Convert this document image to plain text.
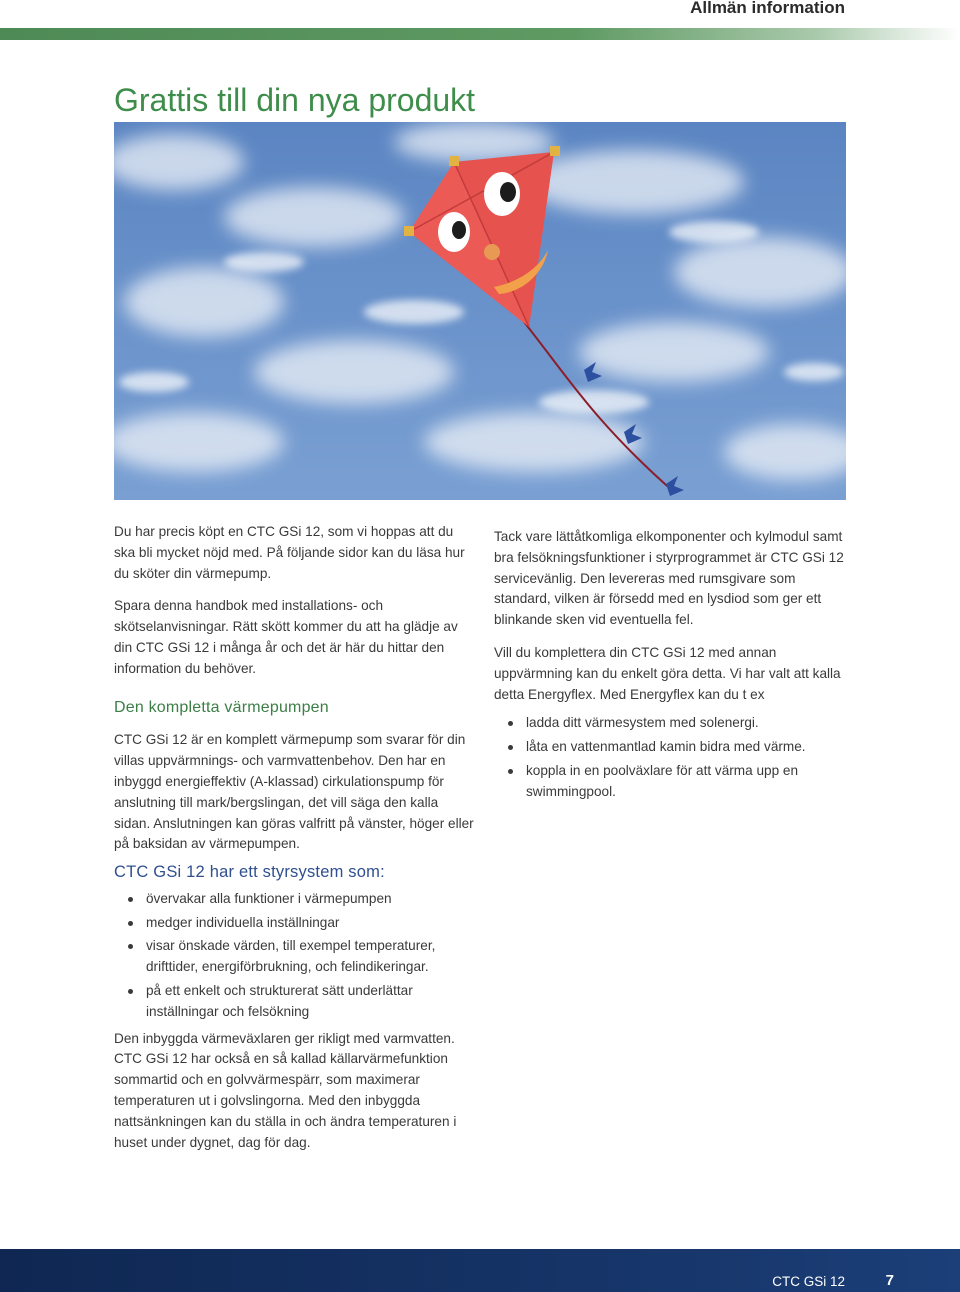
Allmän information
Grattis till din nya produkt

Du har precis köpt en CTC GSi 12, som vi hoppas att du ska bli mycket nöjd med. På följande sidor kan du läsa hur du sköter din värmepump.

Spara denna handbok med installations- och skötselanvisningar. Rätt skött kommer du att ha glädje av din CTC GSi 12 i många år och det är här du hittar den information du behöver.

Den kompletta värmepumpen

CTC GSi 12 är en komplett värmepump som svarar för din villas uppvärmnings- och varmvattenbehov. Den har en inbyggd energieffektiv (A-klassad) cirkulationspump för anslutning till mark/bergslingan, det vill säga den kalla sidan. Anslutningen kan göras valfritt på vänster, höger eller på baksidan av värmepumpen.

CTC GSi 12 har ett styrsystem som:

övervakar alla funktioner i värmepumpen
medger individuella inställningar
visar önskade värden, till exempel temperaturer, drifttider, energiförbrukning, och felindikeringar.
på ett enkelt och strukturerat sätt underlättar inställningar och felsökning

Den inbyggda värmeväxlaren ger rikligt med varmvatten. CTC GSi 12 har också en så kallad källarvärmefunktion sommartid och en golvvärmespärr, som maximerar temperaturen ut i golvslingorna. Med den inbyggda nattsänkningen kan du ställa in och ändra temperaturen i huset under dygnet, dag för dag.

Tack vare lättåtkomliga elkomponenter och kylmodul samt bra felsökningsfunktioner i styrprogrammet är CTC GSi 12 servicevänlig. Den levereras med rumsgivare som standard, vilken är försedd med en lysdiod som ger ett blinkande sken vid eventuella fel.

Vill du komplettera din CTC GSi 12 med annan uppvärmning kan du enkelt göra detta. Vi har valt att kalla detta Energyflex. Med Energyflex kan du t ex

ladda ditt värmesystem med solenergi.
låta en vattenmantlad kamin bidra med värme.
koppla in en poolväxlare för att värma upp en swimmingpool.
CTC GSi 12	7
